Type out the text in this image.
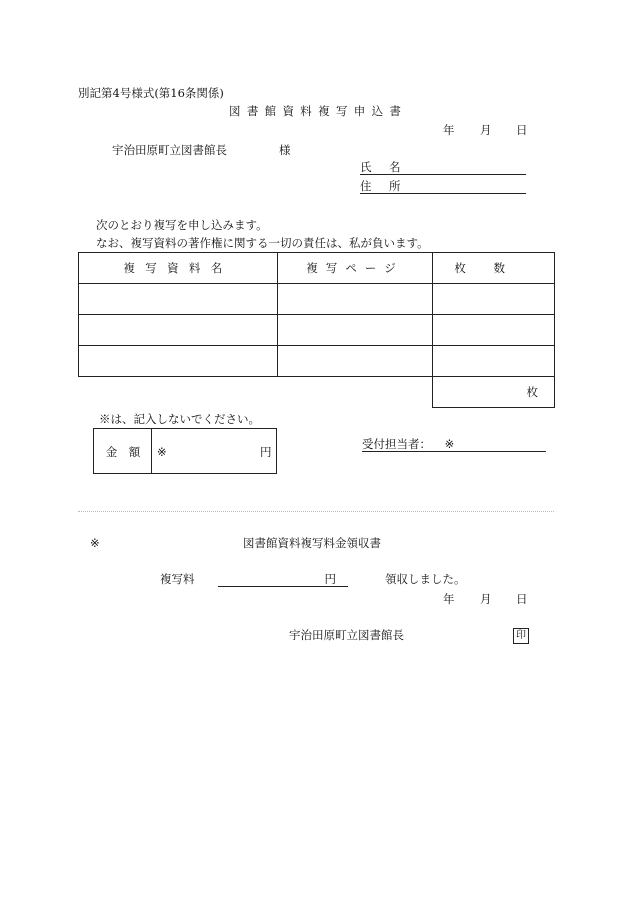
別記第4号様式(第16条関係)
図書館資料複写申込書
年 月 日
宇治田原町立図書館長	様
氏 名
住 所
次のとおり複写を申し込みます。
なお、複写資料の著作権に関する一切の責任は、私が負います。
複写資料名	複写ページ	枚数

		枚
※は、記入しないでください。
金　額	※	円
受付担当者： ※
※	図書館資料複写料金領収書
複写料	円	領収しました。
年 月 日
宇治田原町立図書館長	印
